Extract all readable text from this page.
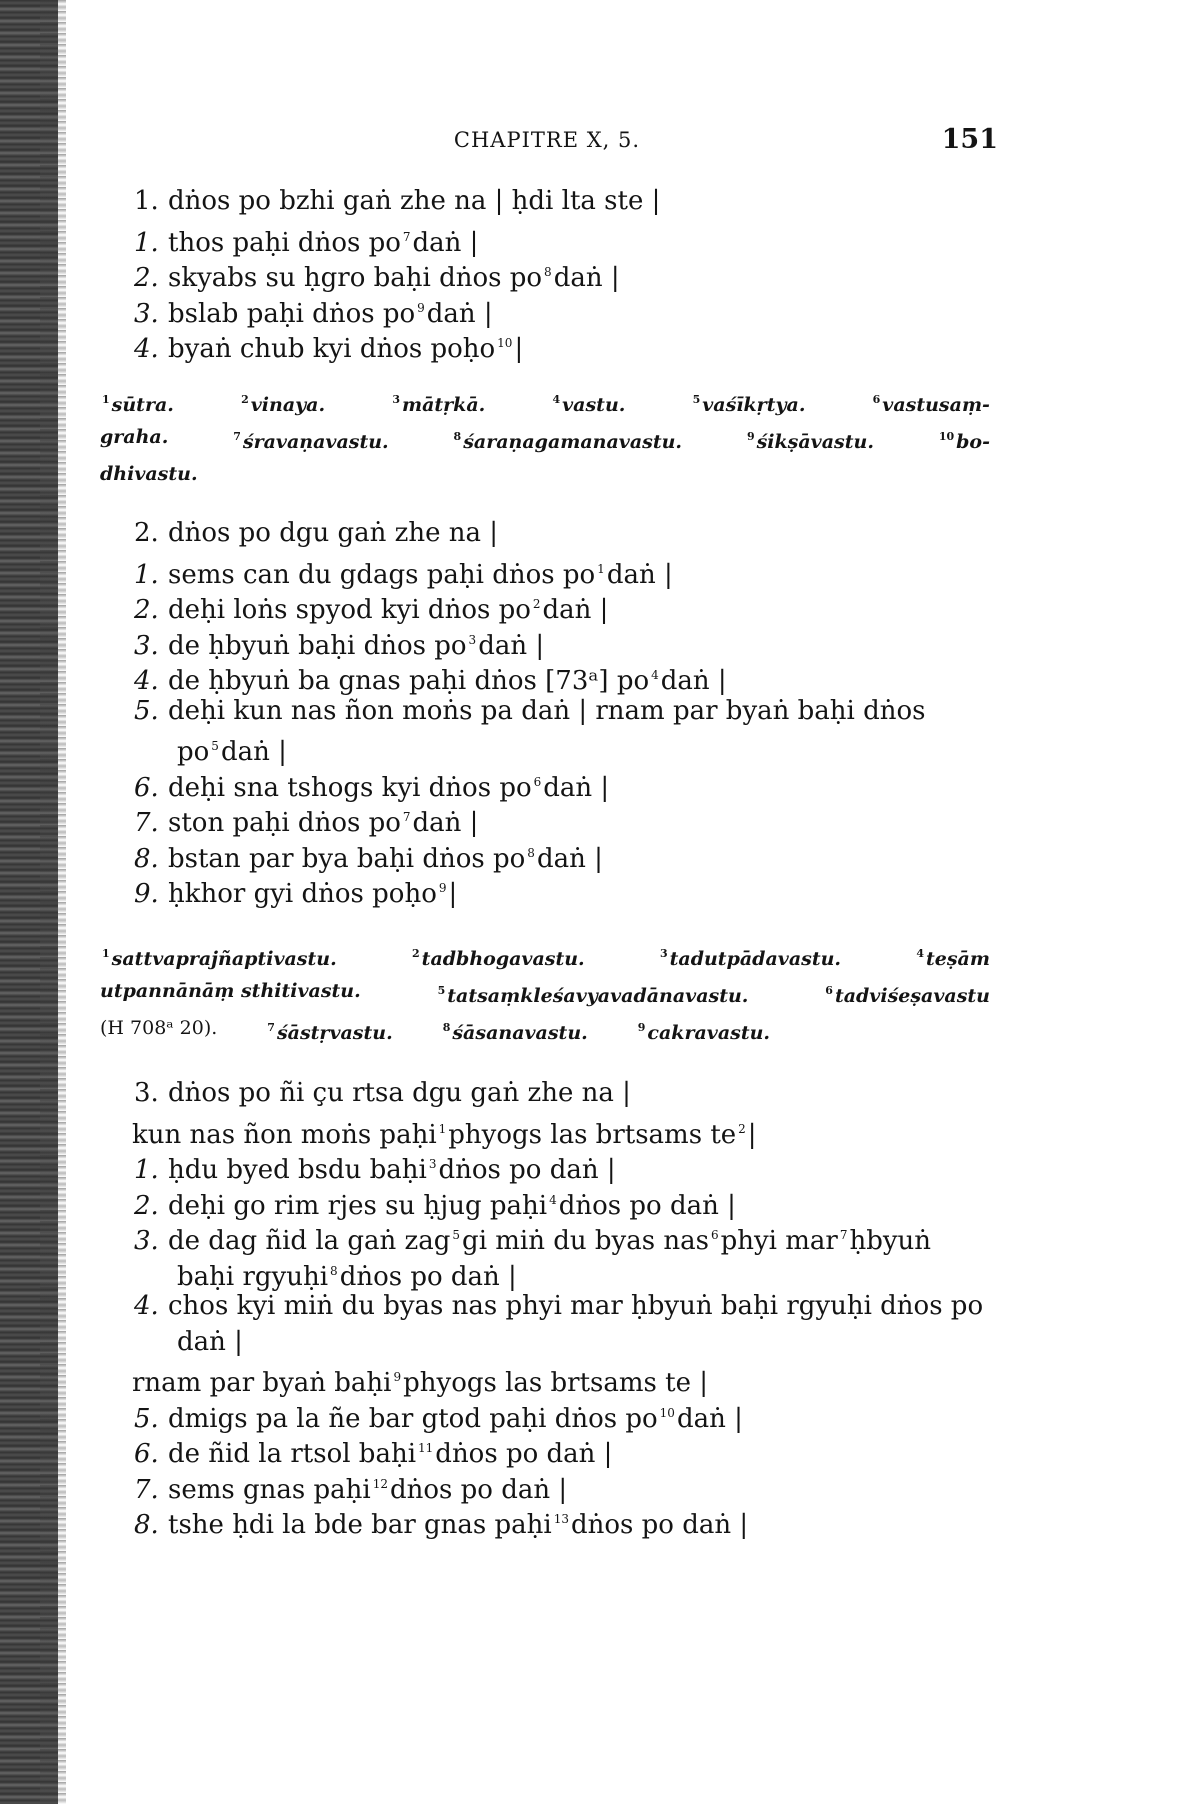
CHAPITRE X, 5.	151
1. dṅos po bzhi gaṅ zhe na | ḥdi lta ste |
1. thos paḥi dṅos po $^7$daṅ |
2. skyabs su ḥgro baḥi dṅos po $^8$daṅ |
3. bslab paḥi dṅos po $^9$daṅ |
4. byaṅ chub kyi dṅos poḥo $^{10}$|
$^1$ sūtra.	$^2$ vinaya.	$^3$ mātṛkā.	$^4$ vastu.	$^5$ vaśīkṛtya.	$^6$ vastusaṃ-
graha.	$^7$ śravaṇavastu.	$^8$ śaraṇagamanavastu.	$^9$ śikṣāvastu.	$^{10}$ bo-
dhivastu.
2. dṅos po dgu gaṅ zhe na |
1. sems can du gdags paḥi dṅos po $^1$daṅ |
2. deḥi loṅs spyod kyi dṅos po $^2$daṅ |
3. de ḥbyuṅ baḥi dṅos po $^3$daṅ |
4. de ḥbyuṅ ba gnas paḥi dṅos [73ᵃ] po $^4$daṅ |
5. deḥi kun nas ñon moṅs pa daṅ | rnam par byaṅ baḥi dṅos
po $^5$daṅ |
6. deḥi sna tshogs kyi dṅos po $^6$daṅ |
7. ston paḥi dṅos po $^7$daṅ |
8. bstan par bya baḥi dṅos po $^8$daṅ |
9. ḥkhor gyi dṅos poḥo $^9$|
$^1$ sattvaprajñaptivastu.	$^2$ tadbhogavastu.	$^3$ tadutpādavastu.	$^4$ teṣām
utpannānāṃ sthitivastu.	$^5$ tatsaṃkleśavyavadānavastu.	$^6$ tadviśeṣavastu
(H 708ᵃ 20).	$^7$ śāstṛvastu.	$^8$ śāsanavastu.	$^9$ cakravastu.
3. dṅos po ñi çu rtsa dgu gaṅ zhe na |
kun nas ñon moṅs paḥi $^1$phyogs las brtsams te $^2$|
1. ḥdu byed bsdu baḥi $^3$dṅos po daṅ |
2. deḥi go rim rjes su ḥjug paḥi $^4$dṅos po daṅ |
3. de dag ñid la gaṅ zag $^5$gi miṅ du byas nas $^6$phyi mar $^7$ḥbyuṅ
baḥi rgyuḥi $^8$dṅos po daṅ |
4. chos kyi miṅ du byas nas phyi mar ḥbyuṅ baḥi rgyuḥi dṅos po
daṅ |
rnam par byaṅ baḥi $^9$phyogs las brtsams te |
5. dmigs pa la ñe bar gtod paḥi dṅos po $^{10}$daṅ |
6. de ñid la rtsol baḥi $^{11}$dṅos po daṅ |
7. sems gnas paḥi $^{12}$dṅos po daṅ |
8. tshe ḥdi la bde bar gnas paḥi $^{13}$dṅos po daṅ |
